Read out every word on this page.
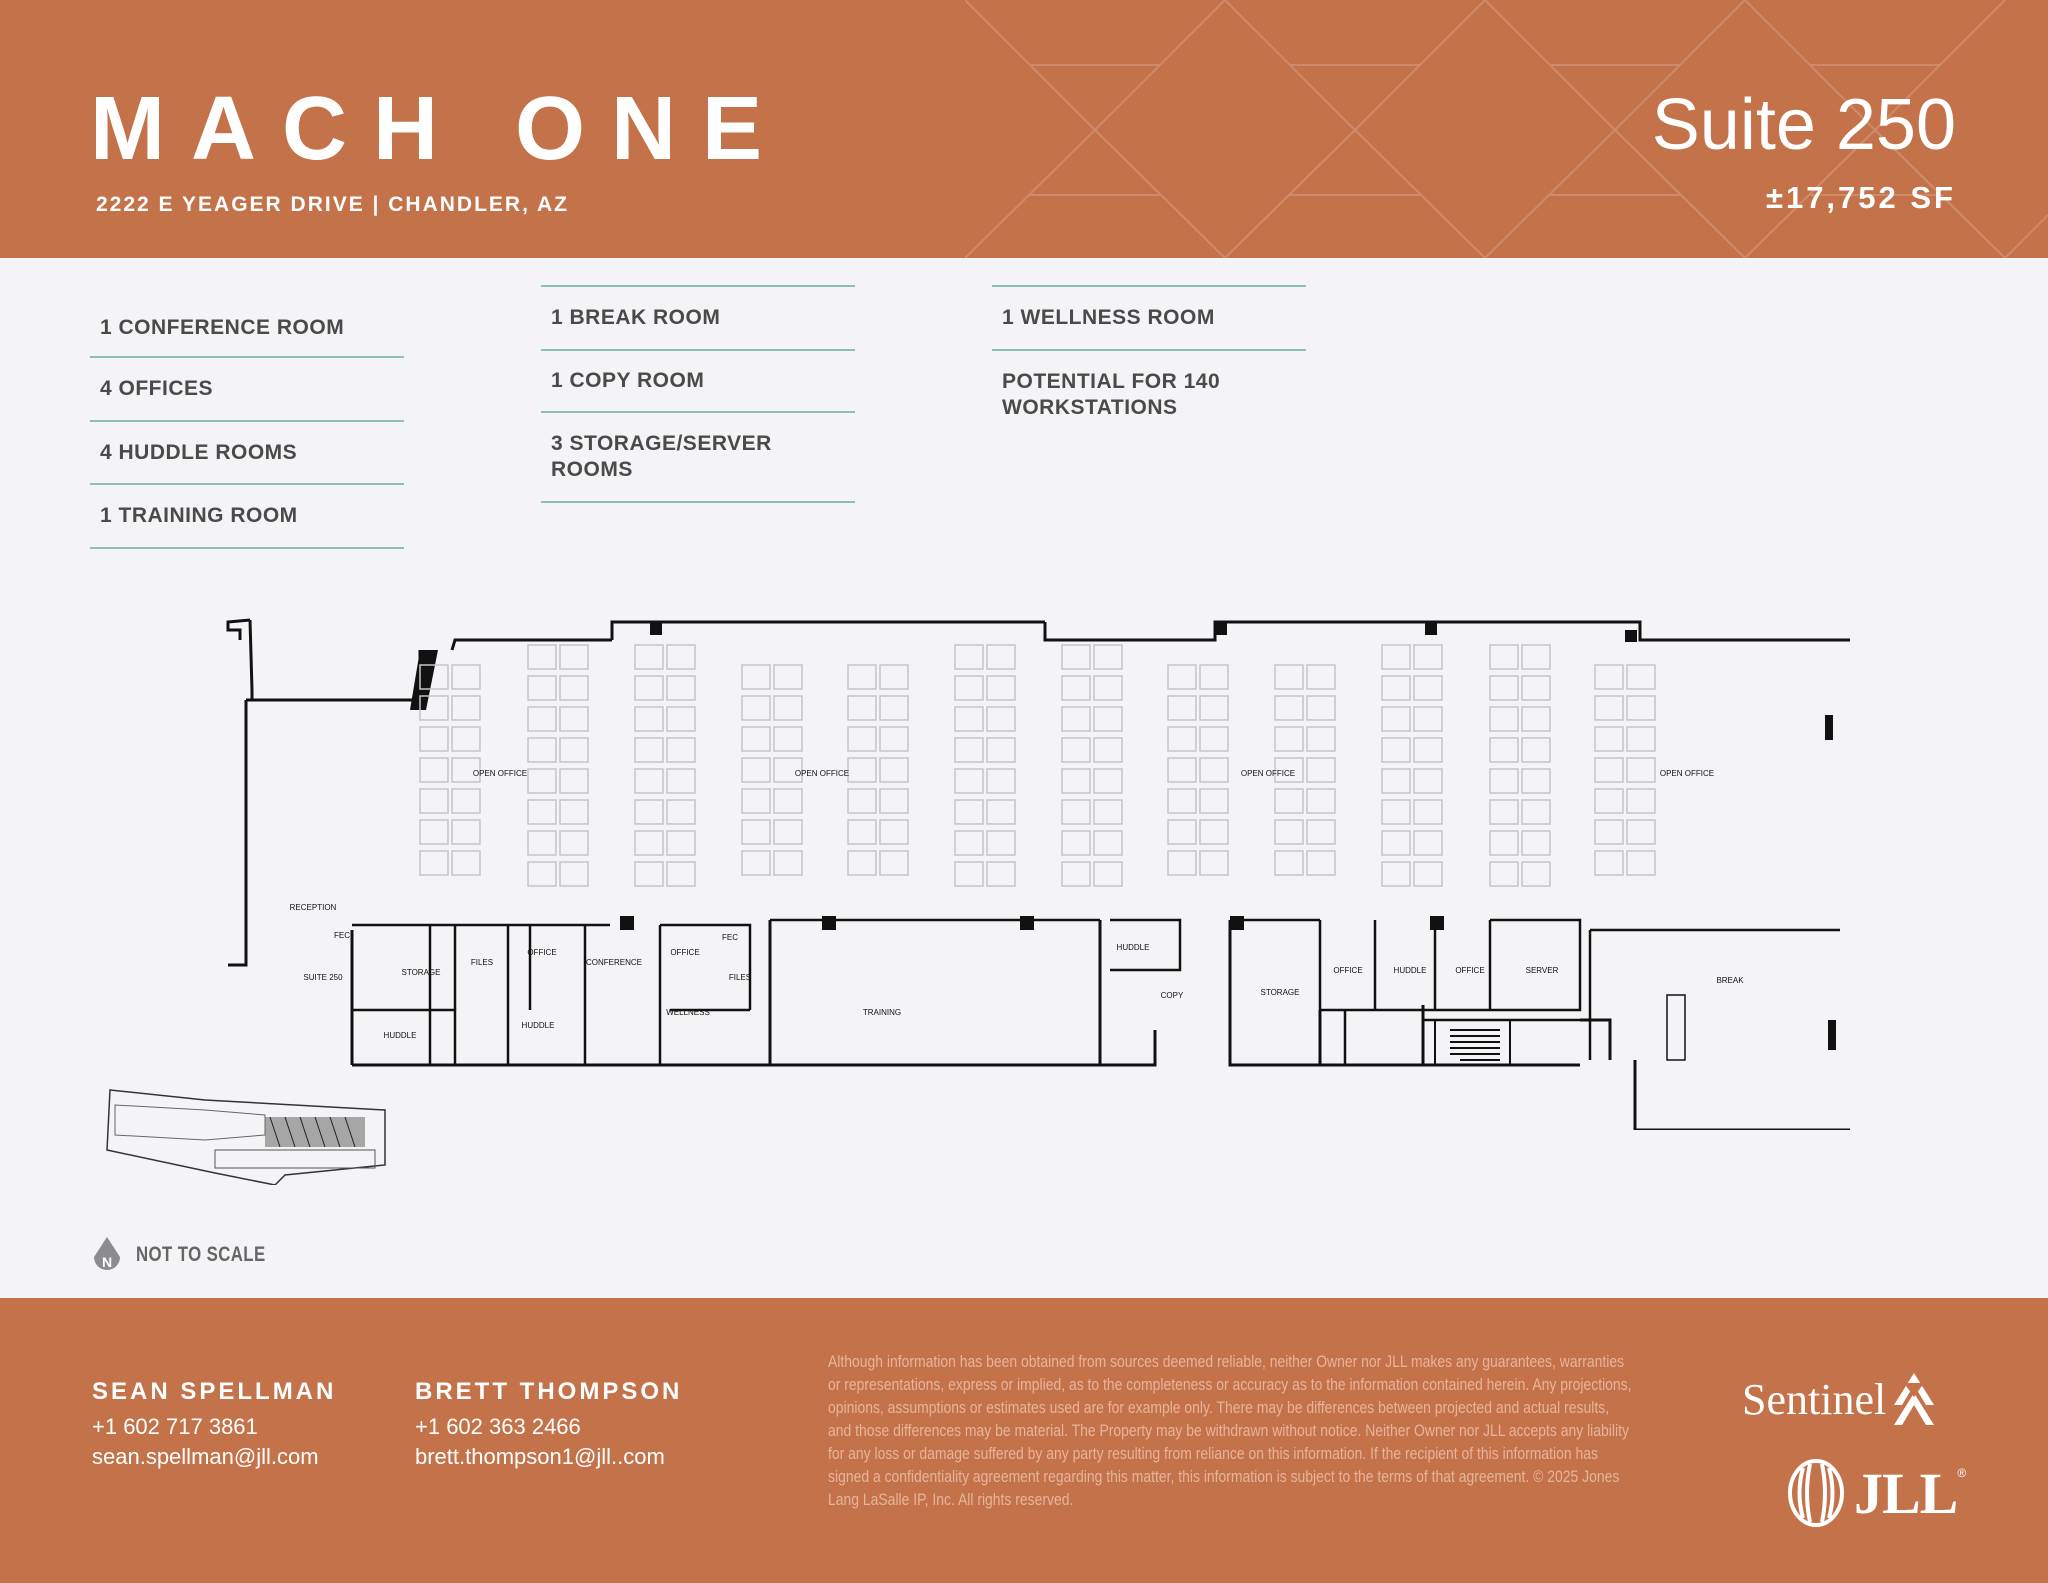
MACH ONE
2222 E YEAGER DRIVE | CHANDLER, AZ
Suite 250
±17,752 SF
1 CONFERENCE ROOM
4 OFFICES
4 HUDDLE ROOMS
1 TRAINING ROOM
1 BREAK ROOM
1 COPY ROOM
3 STORAGE/SERVER ROOMS
1 WELLNESS ROOM
POTENTIAL FOR 140 WORKSTATIONS
OPEN OFFICE	OPEN OFFICE	OPEN OFFICE	OPEN OFFICE
RECEPTION
SUITE 250
FEC
STORAGE
FILES
OFFICE
CONFERENCE
OFFICE
HUDDLE
HUDDLE
WELLNESS
FEC
FILES
TRAINING
HUDDLE
COPY	STORAGE
OFFICE	HUDDLE	OFFICE	SERVER
BREAK
N NOT TO SCALE
SEAN SPELLMAN
+1 602 717 3861
sean.spellman@jll.com
BRETT THOMPSON
+1 602 363 2466
brett.thompson1@jll..com
Although information has been obtained from sources deemed reliable, neither Owner nor JLL makes any guarantees, warranties or representations, express or implied, as to the completeness or accuracy as to the information contained herein. Any projections, opinions, assumptions or estimates used are for example only. There may be differences between projected and actual results, and those differences may be material. The Property may be withdrawn without notice. Neither Owner nor JLL accepts any liability for any loss or damage suffered by any party resulting from reliance on this information. If the recipient of this information has signed a confidentiality agreement regarding this matter, this information is subject to the terms of that agreement. © 2025 Jones Lang LaSalle IP, Inc. All rights reserved.
Sentinel
JLL ®
